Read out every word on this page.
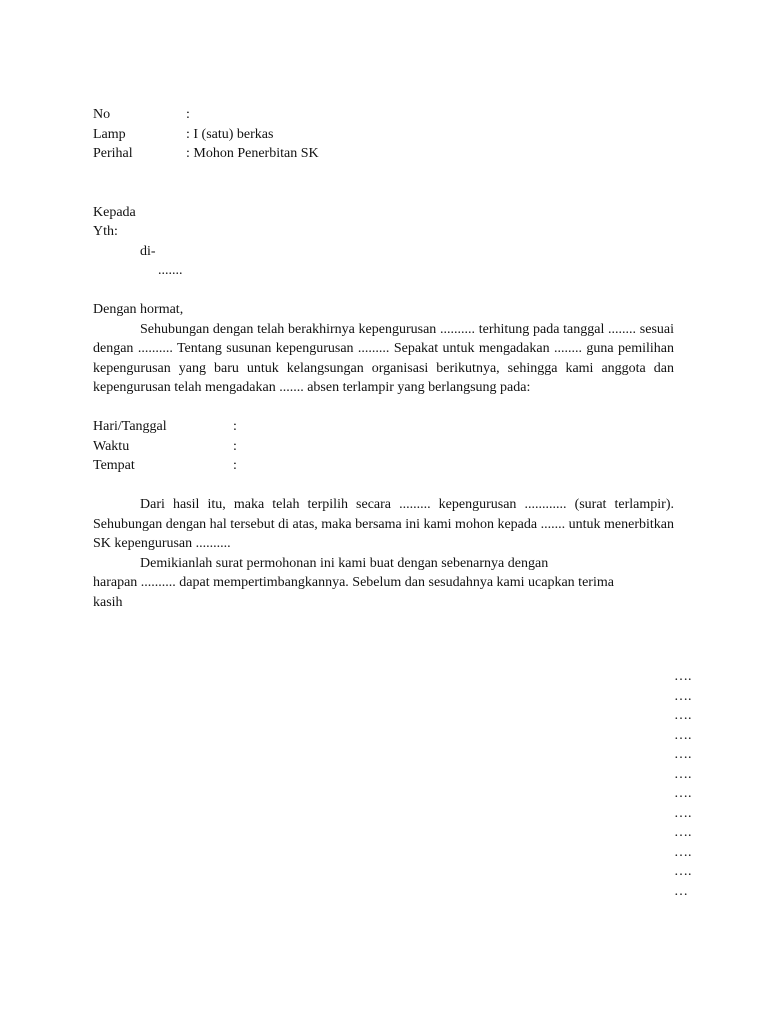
No	:
Lamp	: I (satu) berkas
Perihal	: Mohon Penerbitan SK
Kepada
Yth:
di-
.......
Dengan hormat,

Sehubungan dengan telah berakhirnya kepengurusan .......... terhitung pada tanggal ........ sesuai dengan .......... Tentang susunan kepengurusan ......... Sepakat untuk mengadakan ........ guna pemilihan kepengurusan yang baru untuk kelangsungan organisasi berikutnya, sehingga kami anggota dan kepengurusan telah mengadakan ....... absen terlampir yang berlangsung pada:

Hari/Tanggal	:
Waktu	:
Tempat	:

Dari hasil itu, maka telah terpilih secara ......... kepengurusan ............ (surat terlampir). Sehubungan dengan hal tersebut di atas, maka bersama ini kami mohon kepada ....... untuk menerbitkan SK kepengurusan ..........

Demikianlah surat permohonan ini kami buat dengan sebenarnya dengan
harapan .......... dapat mempertimbangkannya. Sebelum dan sesudahnya kami ucapkan terima
kasih
….
….
….
….
….
….
….
….
….
….
….
…
